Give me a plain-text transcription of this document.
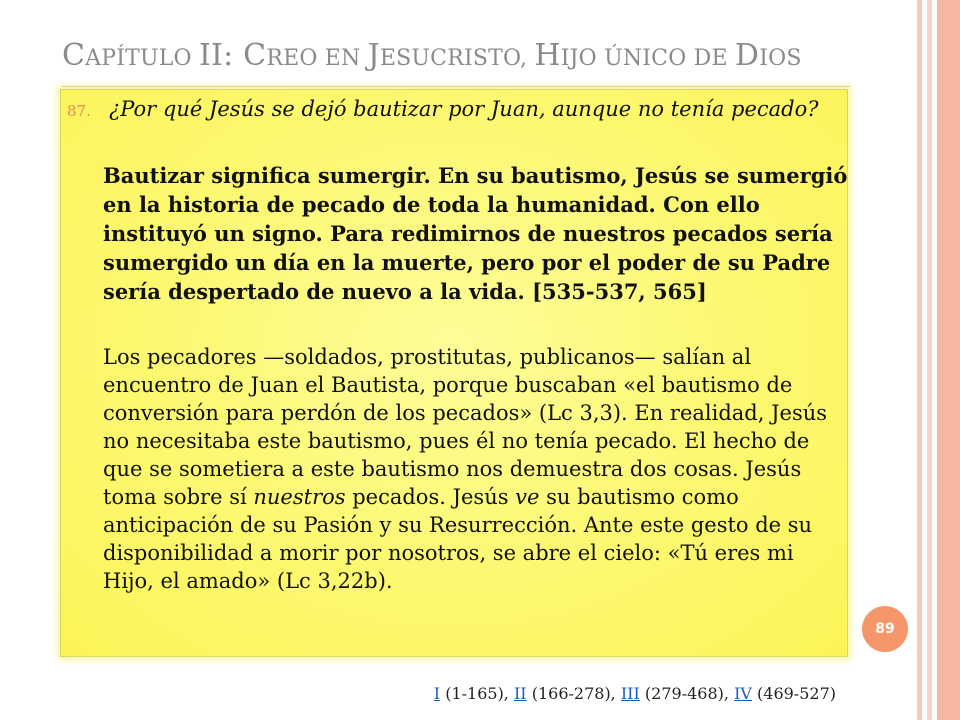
CAPÍTULO II: CREO EN JESUCRISTO, HIJO ÚNICO DE DIOS
87. ¿Por qué Jesús se dejó bautizar por Juan, aunque no tenía pecado?
Bautizar significa sumergir. En su bautismo, Jesús se sumergió en la historia de pecado de toda la humanidad. Con ello instituyó un signo. Para redimirnos de nuestros pecados sería sumergido un día en la muerte, pero por el poder de su Padre sería despertado de nuevo a la vida. [535-537, 565]
Los pecadores —soldados, prostitutas, publicanos— salían al encuentro de Juan el Bautista, porque buscaban «el bautismo de conversión para perdón de los pecados» (Lc 3,3). En realidad, Jesús no necesitaba este bautismo, pues él no tenía pecado. El hecho de que se sometiera a este bautismo nos demuestra dos cosas. Jesús toma sobre sí nuestros pecados. Jesús ve su bautismo como anticipación de su Pasión y su Resurrección. Ante este gesto de su disponibilidad a morir por nosotros, se abre el cielo: «Tú eres mi Hijo, el amado» (Lc 3,22b).
89
I (1-165), II (166-278), III (279-468), IV (469-527)
